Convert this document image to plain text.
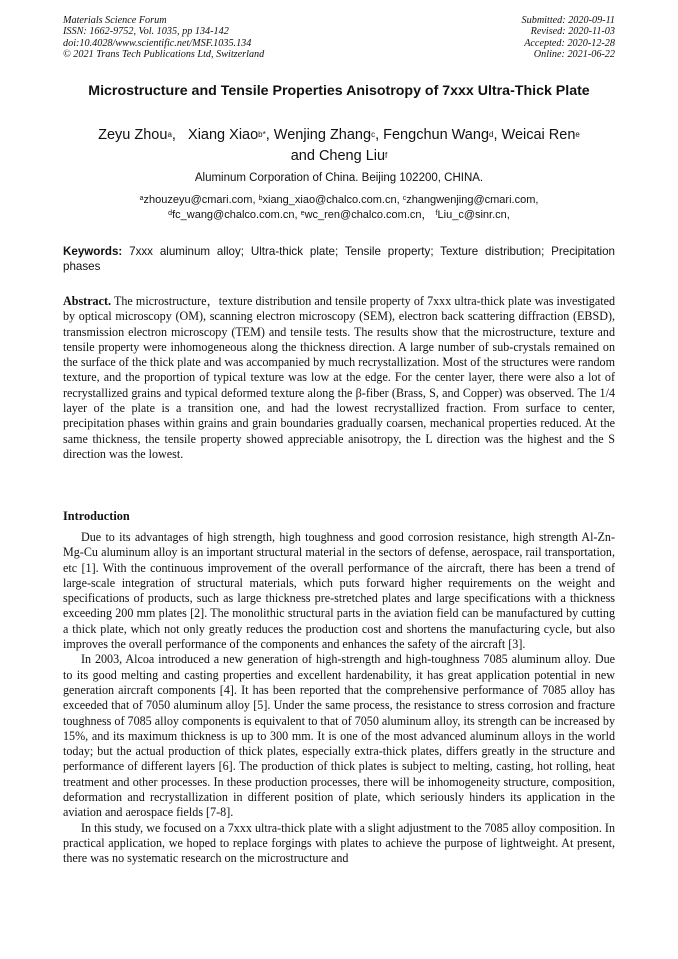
Materials Science Forum
ISSN: 1662-9752, Vol. 1035, pp 134-142
doi:10.4028/www.scientific.net/MSF.1035.134
© 2021 Trans Tech Publications Ltd, Switzerland
Submitted: 2020-09-11
Revised: 2020-11-03
Accepted: 2020-12-28
Online: 2021-06-22
Microstructure and Tensile Properties Anisotropy of 7xxx Ultra-Thick Plate
Zeyu Zhou$^a$,   Xiang Xiao$^{b*}$, Wenjing Zhang$^c$, Fengchun Wang$^d$, Weicai Ren$^e$
and Cheng Liu$^f$
Aluminum Corporation of China. Beijing 102200, CHINA.
$^a$zhouzeyu@cmari.com, $^b$xiang_xiao@chalco.com.cn, $^c$zhangwenjing@cmari.com,
$^d$fc_wang@chalco.com.cn, $^e$wc_ren@chalco.com.cn， $^f$Liu_c@sinr.cn,
Keywords: 7xxx aluminum alloy; Ultra-thick plate; Tensile property; Texture distribution; Precipitation phases
Abstract. The microstructure，texture distribution and tensile property of 7xxx ultra-thick plate was investigated by optical microscopy (OM), scanning electron microscopy (SEM), electron back scattering diffraction (EBSD), transmission electron microscopy (TEM) and tensile tests. The results show that the microstructure, texture and tensile property were inhomogeneous along the thickness direction. A large number of sub-crystals remained on the surface of the thick plate and was accompanied by much recrystallization. Most of the structures were random texture, and the proportion of typical texture was low at the edge. For the center layer, there were also a lot of recrystallized grains and typical deformed texture along the β-fiber (Brass, S, and Copper) was observed. The 1/4 layer of the plate is a transition one, and had the lowest recrystallized fraction. From surface to center, precipitation phases within grains and grain boundaries gradually coarsen, mechanical properties reduced. At the same thickness, the tensile property showed appreciable anisotropy, the L direction was the highest and the S direction was the lowest.
Introduction

Due to its advantages of high strength, high toughness and good corrosion resistance, high strength Al-Zn-Mg-Cu aluminum alloy is an important structural material in the sectors of defense, aerospace, rail transportation, etc [1]. With the continuous improvement of the overall performance of the aircraft, there has been a trend of large-scale integration of structural materials, which puts forward higher requirements on the weight and specifications of products, such as large thickness pre-stretched plates and large specifications with a thickness exceeding 200 mm plates [2]. The monolithic structural parts in the aviation field can be manufactured by cutting a thick plate, which not only greatly reduces the production cost and shortens the manufacturing cycle, but also improves the overall performance of the components and enhances the safety of the aircraft [3].

In 2003, Alcoa introduced a new generation of high-strength and high-toughness 7085 aluminum alloy. Due to its good melting and casting properties and excellent hardenability, it has great application potential in new generation aircraft components [4]. It has been reported that the comprehensive performance of 7085 alloy has exceeded that of 7050 aluminum alloy [5]. Under the same process, the resistance to stress corrosion and fracture toughness of 7085 alloy components is equivalent to that of 7050 aluminum alloy, its strength can be increased by 15%, and its maximum thickness is up to 300 mm. It is one of the most advanced aluminum alloys in the world today; but the actual production of thick plates, especially extra-thick plates, differs greatly in the structure and performance of different layers [6]. The production of thick plates is subject to melting, casting, hot rolling, heat treatment and other processes. In these production processes, there will be inhomogeneity structure, composition, deformation and recrystallization in different position of plate, which seriously hinders its application in the aviation and aerospace fields [7-8].

In this study, we focused on a 7xxx ultra-thick plate with a slight adjustment to the 7085 alloy composition. In practical application, we hoped to replace forgings with plates to achieve the purpose of lightweight. At present, there was no systematic research on the microstructure and
